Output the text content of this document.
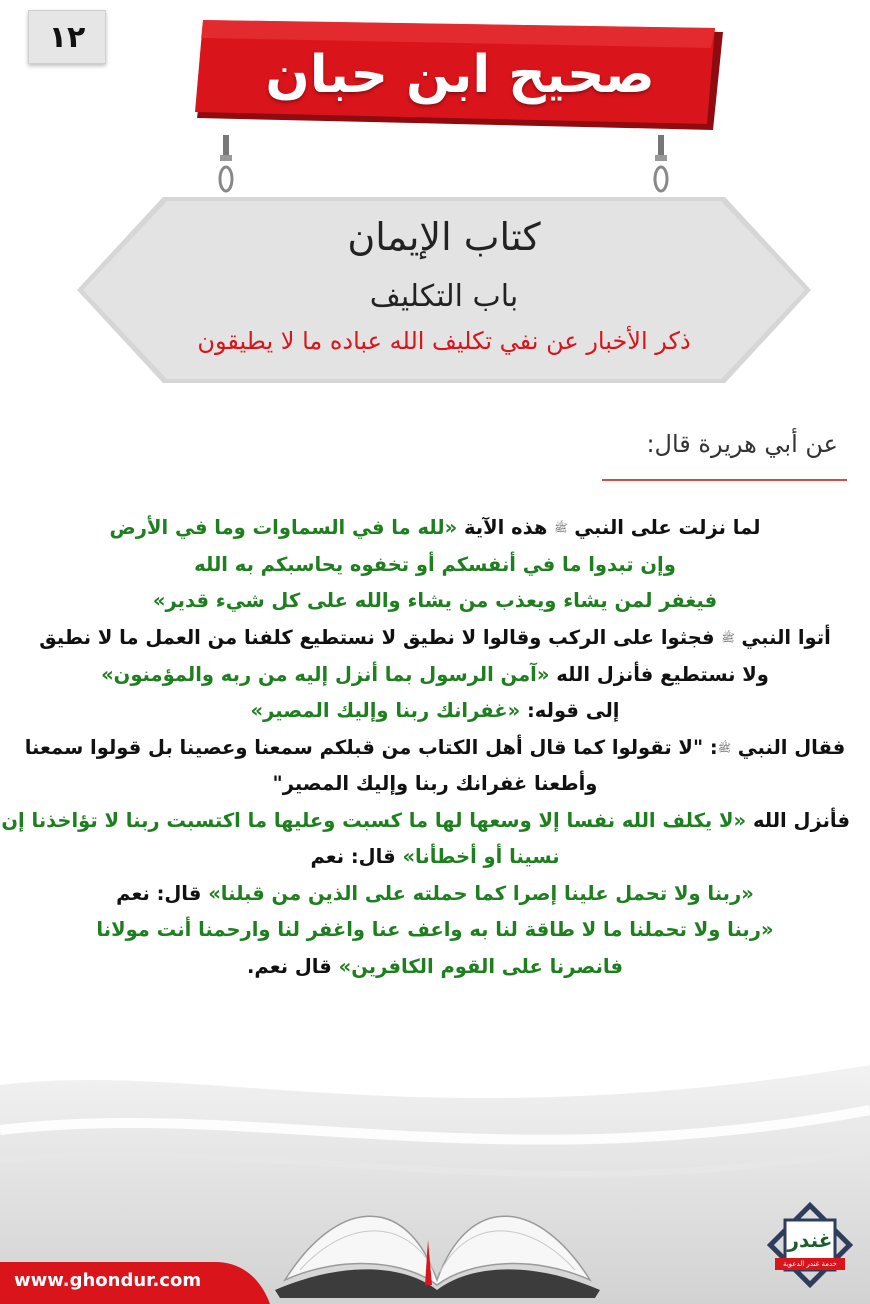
١٢
صحيح ابن حبان
كتاب الإيمان
باب التكليف
ذكر الأخبار عن نفي تكليف الله عباده ما لا يطيقون
عن أبي هريرة قال:
لما نزلت على النبي ﷺ هذه الآية «لله ما في السماوات وما في الأرض
وإن تبدوا ما في أنفسكم أو تخفوه يحاسبكم به الله
فيغفر لمن يشاء ويعذب من يشاء والله على كل شيء قدير»
أتوا النبي ﷺ فجثوا على الركب وقالوا لا نطيق لا نستطيع كلفنا من العمل ما لا نطيق
ولا نستطيع فأنزل الله «آمن الرسول بما أنزل إليه من ربه والمؤمنون»
إلى قوله: «غفرانك ربنا وإليك المصير»
فقال النبي ﷺ: "لا تقولوا كما قال أهل الكتاب من قبلكم سمعنا وعصينا بل قولوا سمعنا
وأطعنا غفرانك ربنا وإليك المصير"
فأنزل الله «لا يكلف الله نفسا إلا وسعها لها ما كسبت وعليها ما اكتسبت ربنا لا تؤاخذنا إن
نسينا أو أخطأنا» قال: نعم
«ربنا ولا تحمل علينا إصرا كما حملته على الذين من قبلنا» قال: نعم
«ربنا ولا تحملنا ما لا طاقة لنا به واعف عنا واغفر لنا وارحمنا أنت مولانا
فانصرنا على القوم الكافرين» قال نعم.
www.ghondur.com
غندر
خدمة غندر الدعوية
